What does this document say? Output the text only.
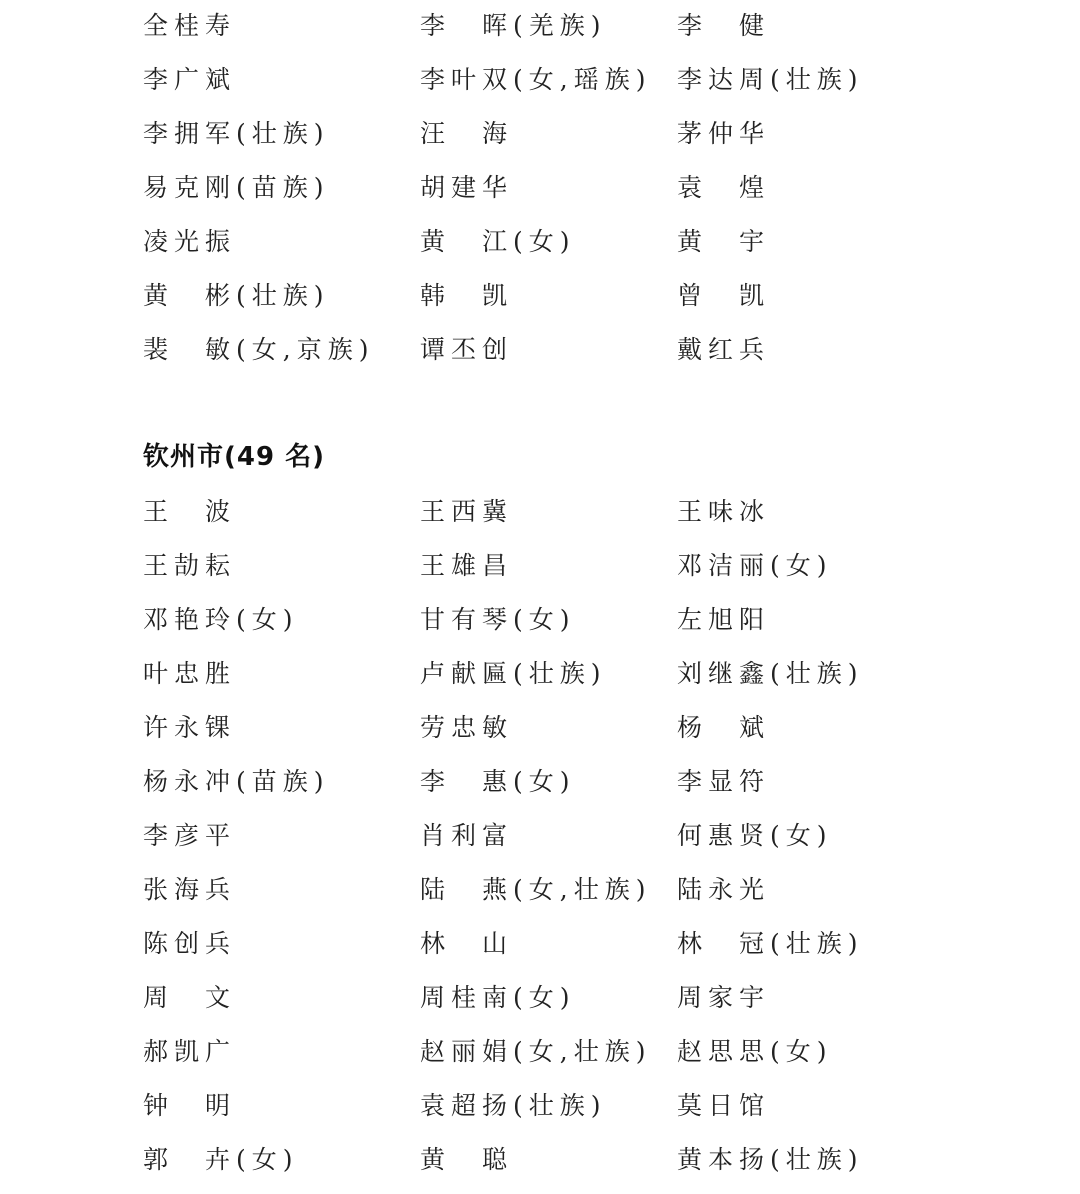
全桂寿	李　晖(羌族)	李　健
李广斌	李叶双(女,瑶族) 李达周(壮族)
李拥军(壮族)	汪　海	茅仲华
易克刚(苗族)	胡建华	袁　煌
凌光振	黄　江(女)	黄　宇
黄　彬(壮族)	韩　凯	曾　凯
裴　敏(女,京族) 谭丕创	戴红兵
钦州市(49 名)
王　波	王西冀	王味冰
王劼耘	王雄昌	邓洁丽(女)
邓艳玲(女)	甘有琴(女)	左旭阳
叶忠胜	卢献匾(壮族)	刘继鑫(壮族)
许永锞	劳忠敏	杨　斌
杨永冲(苗族)	李　惠(女)	李显符
李彦平	肖利富	何惠贤(女)
张海兵	陆　燕(女,壮族) 陆永光
陈创兵	林　山	林　冠(壮族)
周　文	周桂南(女)	周家宇
郝凯广	赵丽娟(女,壮族) 赵思思(女)
钟　明	袁超扬(壮族)	莫日馆
郭　卉(女)	黄　聪	黄本扬(壮族)
